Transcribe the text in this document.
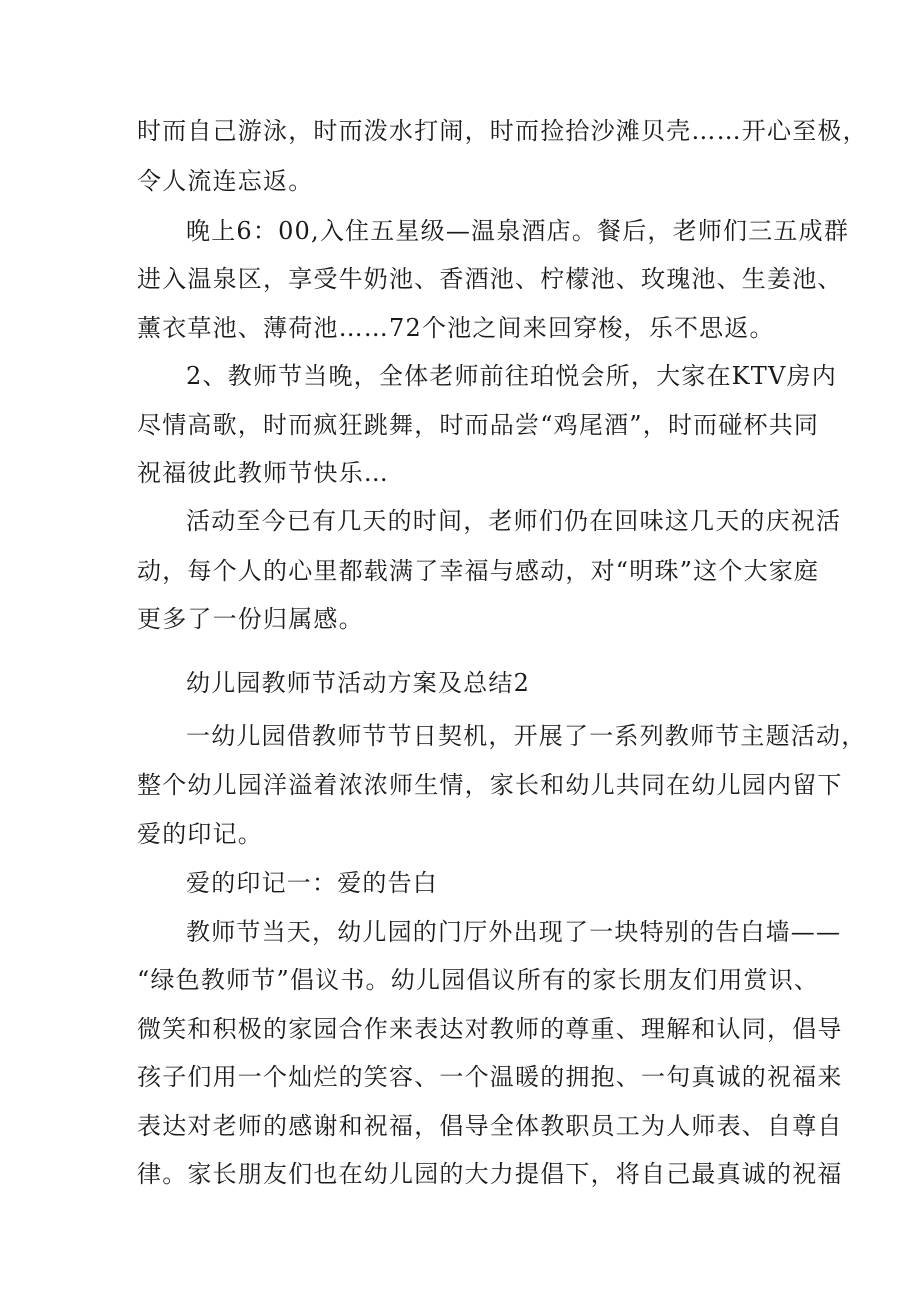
时而自己游泳，时而泼水打闹，时而捡拾沙滩贝壳……开心至极，
令人流连忘返。
晚上6：00,入住五星级—温泉酒店。餐后，老师们三五成群
进入温泉区，享受牛奶池、香酒池、柠檬池、玫瑰池、生姜池、
薰衣草池、薄荷池……72个池之间来回穿梭，乐不思返。
2、教师节当晚，全体老师前往珀悦会所，大家在KTV房内
尽情高歌，时而疯狂跳舞，时而品尝“鸡尾酒”，时而碰杯共同
祝福彼此教师节快乐…
活动至今已有几天的时间，老师们仍在回味这几天的庆祝活
动，每个人的心里都载满了幸福与感动，对“明珠”这个大家庭
更多了一份归属感。
幼儿园教师节活动方案及总结2
一幼儿园借教师节节日契机，开展了一系列教师节主题活动，
整个幼儿园洋溢着浓浓师生情，家长和幼儿共同在幼儿园内留下
爱的印记。
爱的印记一：爱的告白
教师节当天，幼儿园的门厅外出现了一块特别的告白墙——
“绿色教师节”倡议书。幼儿园倡议所有的家长朋友们用赏识、
微笑和积极的家园合作来表达对教师的尊重、理解和认同，倡导
孩子们用一个灿烂的笑容、一个温暖的拥抱、一句真诚的祝福来
表达对老师的感谢和祝福，倡导全体教职员工为人师表、自尊自
律。家长朋友们也在幼儿园的大力提倡下，将自己最真诚的祝福
